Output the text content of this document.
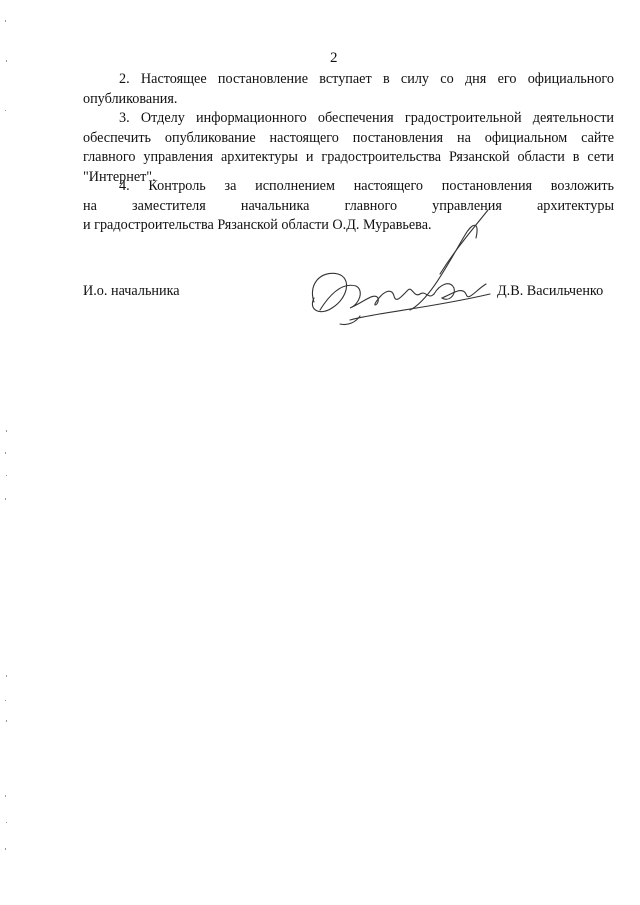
2
2. Настоящее постановление вступает в силу со дня его официального
опубликования.
3. Отделу информационного обеспечения градостроительной деятельности
обеспечить опубликование настоящего постановления на официальном сайте
главного управления архитектуры и градостроительства Рязанской области в сети
"Интернет".
4. Контроль за исполнением настоящего постановления возложить
на заместителя начальника главного управления архитектуры
и градостроительства Рязанской области О.Д. Муравьева.
И.о. начальника	Д.В. Васильченко
